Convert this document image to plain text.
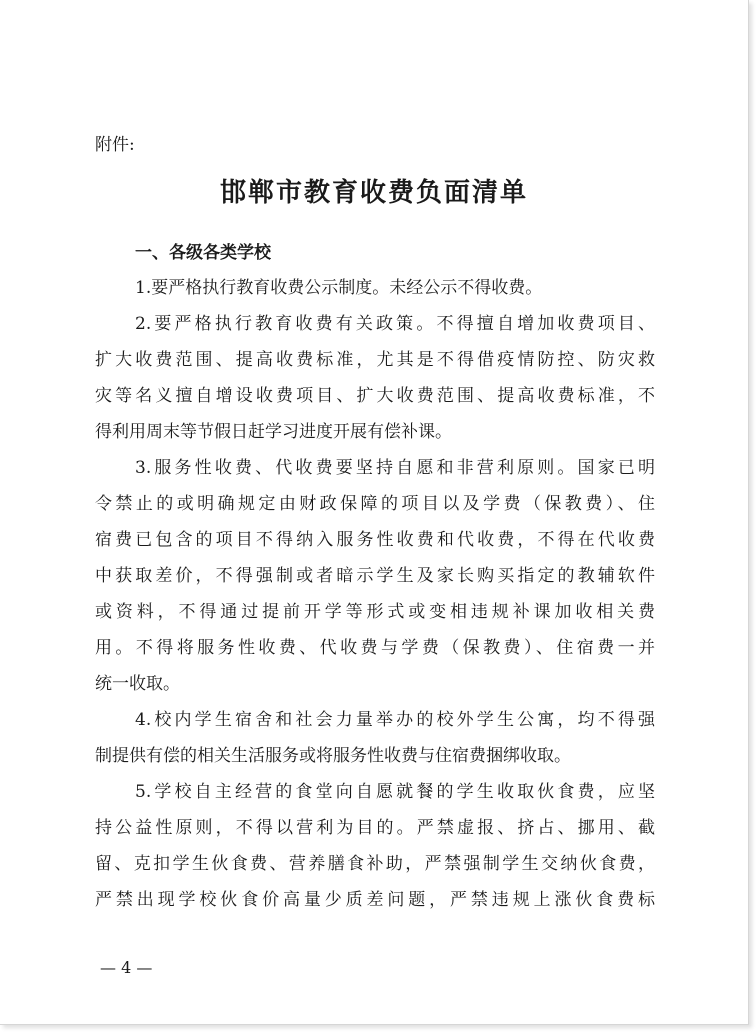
附件:
邯郸市教育收费负面清单
一、各级各类学校
1.要严格执行教育收费公示制度。未经公示不得收费。
2.要严格执行教育收费有关政策。不得擅自增加收费项目、
扩大收费范围、提高收费标准，尤其是不得借疫情防控、防灾救
灾等名义擅自增设收费项目、扩大收费范围、提高收费标准，不
得利用周末等节假日赶学习进度开展有偿补课。
3.服务性收费、代收费要坚持自愿和非营利原则。国家已明
令禁止的或明确规定由财政保障的项目以及学费（保教费）、住
宿费已包含的项目不得纳入服务性收费和代收费，不得在代收费
中获取差价，不得强制或者暗示学生及家长购买指定的教辅软件
或资料，不得通过提前开学等形式或变相违规补课加收相关费
用。不得将服务性收费、代收费与学费（保教费）、住宿费一并
统一收取。
4.校内学生宿舍和社会力量举办的校外学生公寓，均不得强
制提供有偿的相关生活服务或将服务性收费与住宿费捆绑收取。
5.学校自主经营的食堂向自愿就餐的学生收取伙食费，应坚
持公益性原则，不得以营利为目的。严禁虚报、挤占、挪用、截
留、克扣学生伙食费、营养膳食补助，严禁强制学生交纳伙食费，
严禁出现学校伙食价高量少质差问题，严禁违规上涨伙食费标
— 4 —
